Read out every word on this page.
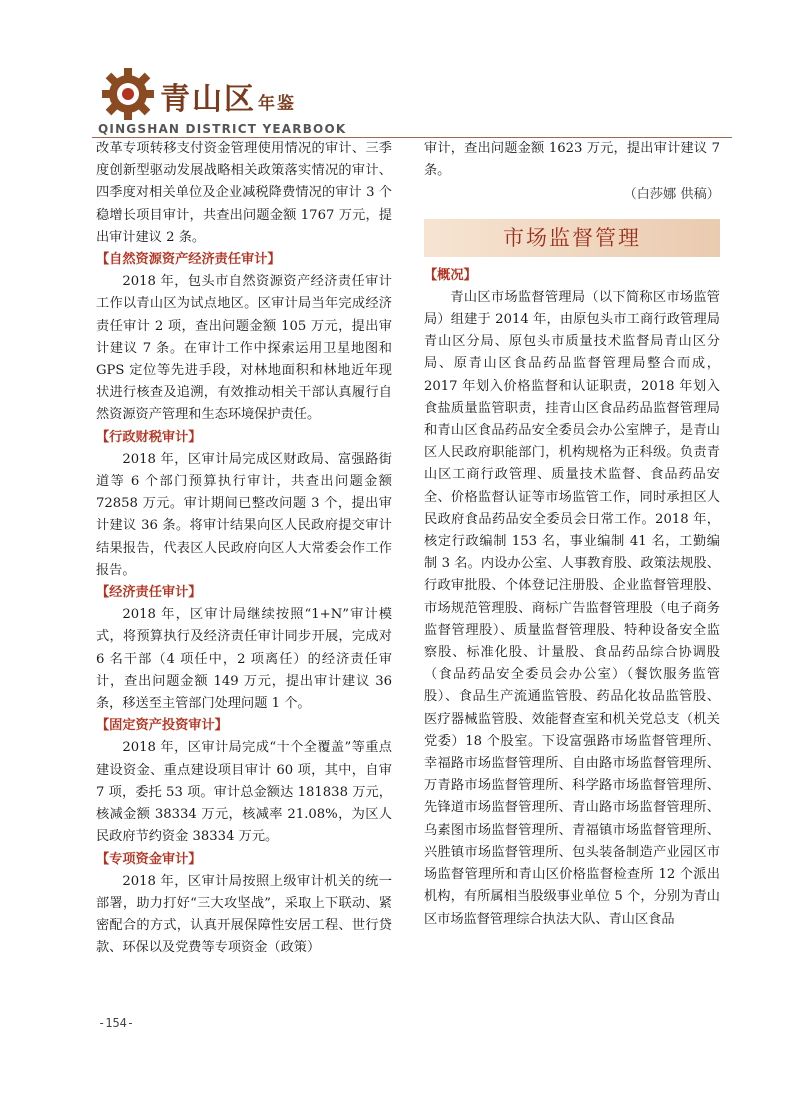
青山区 年鉴
QINGSHAN DISTRICT YEARBOOK

改革专项转移支付资金管理使用情况的审计、三季度创新型驱动发展战略相关政策落实情况的审计、四季度对相关单位及企业减税降费情况的审计 3 个稳增长项目审计，共查出问题金额 1767 万元，提出审计建议 2 条。

【自然资源资产经济责任审计】

2018 年，包头市自然资源资产经济责任审计工作以青山区为试点地区。区审计局当年完成经济责任审计 2 项，查出问题金额 105 万元，提出审计建议 7 条。在审计工作中探索运用卫星地图和 GPS 定位等先进手段，对林地面积和林地近年现状进行核查及追溯，有效推动相关干部认真履行自然资源资产管理和生态环境保护责任。

【行政财税审计】

2018 年，区审计局完成区财政局、富强路街道等 6 个部门预算执行审计，共查出问题金额 72858 万元。审计期间已整改问题 3 个，提出审计建议 36 条。将审计结果向区人民政府提交审计结果报告，代表区人民政府向区人大常委会作工作报告。

【经济责任审计】

2018 年，区审计局继续按照“1+N”审计模式，将预算执行及经济责任审计同步开展，完成对 6 名干部（4 项任中，2 项离任）的经济责任审计，查出问题金额 149 万元，提出审计建议 36 条，移送至主管部门处理问题 1 个。

【固定资产投资审计】

2018 年，区审计局完成“十个全覆盖”等重点建设资金、重点建设项目审计 60 项，其中，自审 7 项，委托 53 项。审计总金额达 181838 万元，核减金额 38334 万元，核减率 21.08%，为区人民政府节约资金 38334 万元。

【专项资金审计】

2018 年，区审计局按照上级审计机关的统一部署，助力打好“三大攻坚战”，采取上下联动、紧密配合的方式，认真开展保障性安居工程、世行贷款、环保以及党费等专项资金（政策）

审计，查出问题金额 1623 万元，提出审计建议 7 条。

（白莎娜 供稿）
市场监督管理
【概况】

青山区市场监督管理局（以下简称区市场监管局）组建于 2014 年，由原包头市工商行政管理局青山区分局、原包头市质量技术监督局青山区分局、原青山区食品药品监督管理局整合而成，2017 年划入价格监督和认证职责，2018 年划入食盐质量监管职责，挂青山区食品药品监督管理局和青山区食品药品安全委员会办公室牌子，是青山区人民政府职能部门，机构规格为正科级。负责青山区工商行政管理、质量技术监督、食品药品安全、价格监督认证等市场监管工作，同时承担区人民政府食品药品安全委员会日常工作。2018 年，核定行政编制 153 名，事业编制 41 名，工勤编制 3 名。内设办公室、人事教育股、政策法规股、行政审批股、个体登记注册股、企业监督管理股、市场规范管理股、商标广告监督管理股（电子商务监督管理股）、质量监督管理股、特种设备安全监察股、标准化股、计量股、食品药品综合协调股（食品药品安全委员会办公室）（餐饮服务监管股）、食品生产流通监管股、药品化妆品监管股、医疗器械监管股、效能督查室和机关党总支（机关党委）18 个股室。下设富强路市场监督管理所、幸福路市场监督管理所、自由路市场监督管理所、万青路市场监督管理所、科学路市场监督管理所、先锋道市场监督管理所、青山路市场监督管理所、乌素图市场监督管理所、青福镇市场监督管理所、兴胜镇市场监督管理所、包头装备制造产业园区市场监督管理所和青山区价格监督检查所 12 个派出机构，有所属相当股级事业单位 5 个，分别为青山区市场监督管理综合执法大队、青山区食品

-154-
